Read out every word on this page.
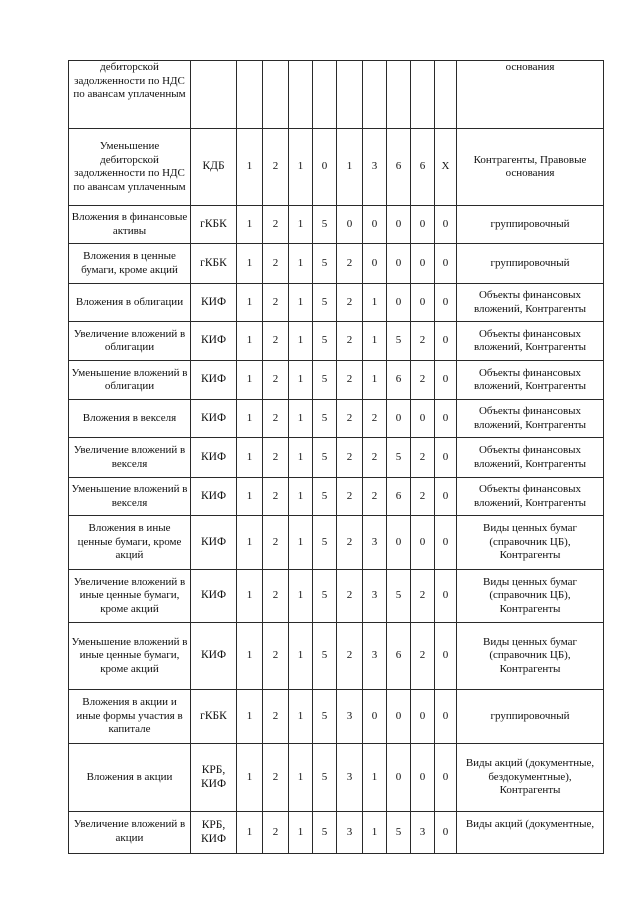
дебиторской задолженности по НДС по авансам уплаченным											основания
Уменьшение дебиторской задолженности по НДС по авансам уплаченным	КДБ	1	2	1	0	1	3	6	6	X	Контрагенты, Правовые основания
Вложения в финансовые активы	гКБК	1	2	1	5	0	0	0	0	0	группировочный
Вложения в ценные бумаги, кроме акций	гКБК	1	2	1	5	2	0	0	0	0	группировочный
Вложения в облигации	КИФ	1	2	1	5	2	1	0	0	0	Объекты финансовых вложений, Контрагенты
Увеличение вложений в облигации	КИФ	1	2	1	5	2	1	5	2	0	Объекты финансовых вложений, Контрагенты
Уменьшение вложений в облигации	КИФ	1	2	1	5	2	1	6	2	0	Объекты финансовых вложений, Контрагенты
Вложения в векселя	КИФ	1	2	1	5	2	2	0	0	0	Объекты финансовых вложений, Контрагенты
Увеличение вложений в векселя	КИФ	1	2	1	5	2	2	5	2	0	Объекты финансовых вложений, Контрагенты
Уменьшение вложений в векселя	КИФ	1	2	1	5	2	2	6	2	0	Объекты финансовых вложений, Контрагенты
Вложения в иные ценные бумаги, кроме акций	КИФ	1	2	1	5	2	3	0	0	0	Виды ценных бумаг (справочник ЦБ), Контрагенты
Увеличение вложений в иные ценные бумаги, кроме акций	КИФ	1	2	1	5	2	3	5	2	0	Виды ценных бумаг (справочник ЦБ), Контрагенты
Уменьшение вложений в иные ценные бумаги, кроме акций	КИФ	1	2	1	5	2	3	6	2	0	Виды ценных бумаг (справочник ЦБ), Контрагенты
Вложения в акции и иные формы участия в капитале	гКБК	1	2	1	5	3	0	0	0	0	группировочный
Вложения в акции	КРБ, КИФ	1	2	1	5	3	1	0	0	0	Виды акций (документные, бездокументные), Контрагенты
Увеличение вложений в акции	КРБ, КИФ	1	2	1	5	3	1	5	3	0	Виды акций (документные,
